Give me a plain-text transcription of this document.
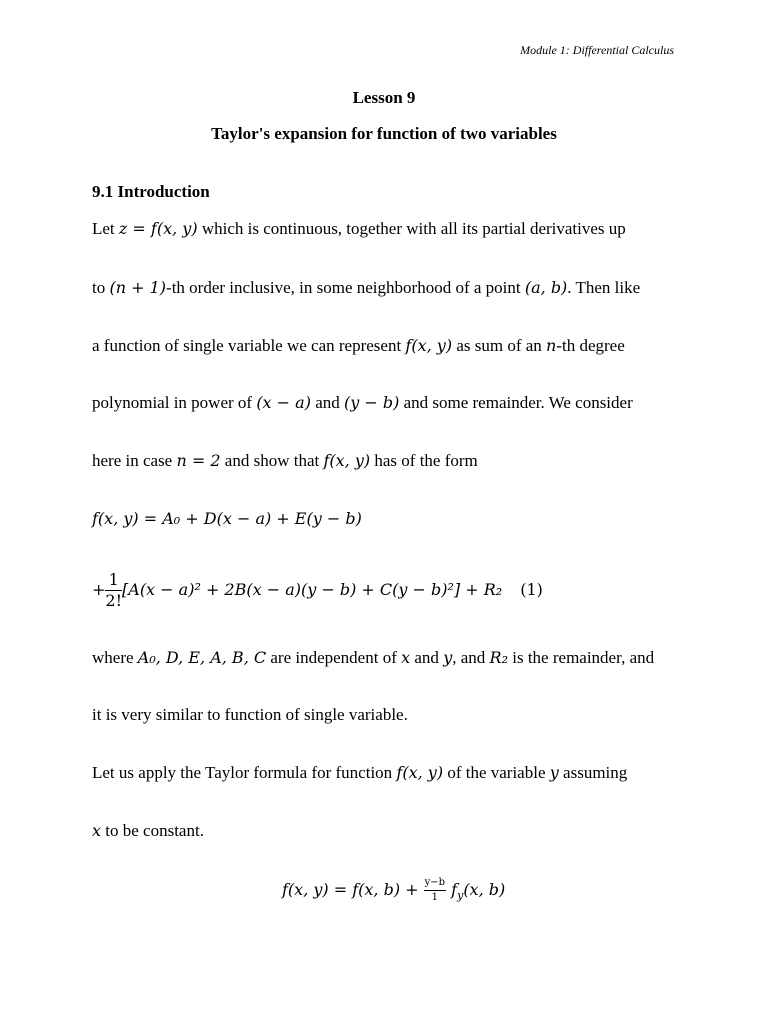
Module 1: Differential Calculus
Lesson 9
Taylor's expansion for function of two variables
9.1 Introduction
Let z = f(x, y) which is continuous, together with all its partial derivatives up
to (n + 1)-th order inclusive, in some neighborhood of a point (a, b). Then like
a function of single variable we can represent f(x, y) as sum of an n-th degree
polynomial in power of (x − a) and (y − b) and some remainder. We consider
here in case n = 2 and show that f(x, y) has of the form
f(x, y) = A₀ + D(x − a) + E(y − b)
+ $\frac{1}{2!} [A(x - a)^2 + 2B(x - a)(y - b) + C(y - b)^2] + R_2$ (1)
where A₀, D, E, A, B, C are independent of x and y, and R₂ is the remainder, and
it is very similar to function of single variable.
Let us apply the Taylor formula for function f(x, y) of the variable y assuming
x to be constant.
f(x, y) = f(x, $b) + \frac{y-b}{1} f_y(x$, b)
